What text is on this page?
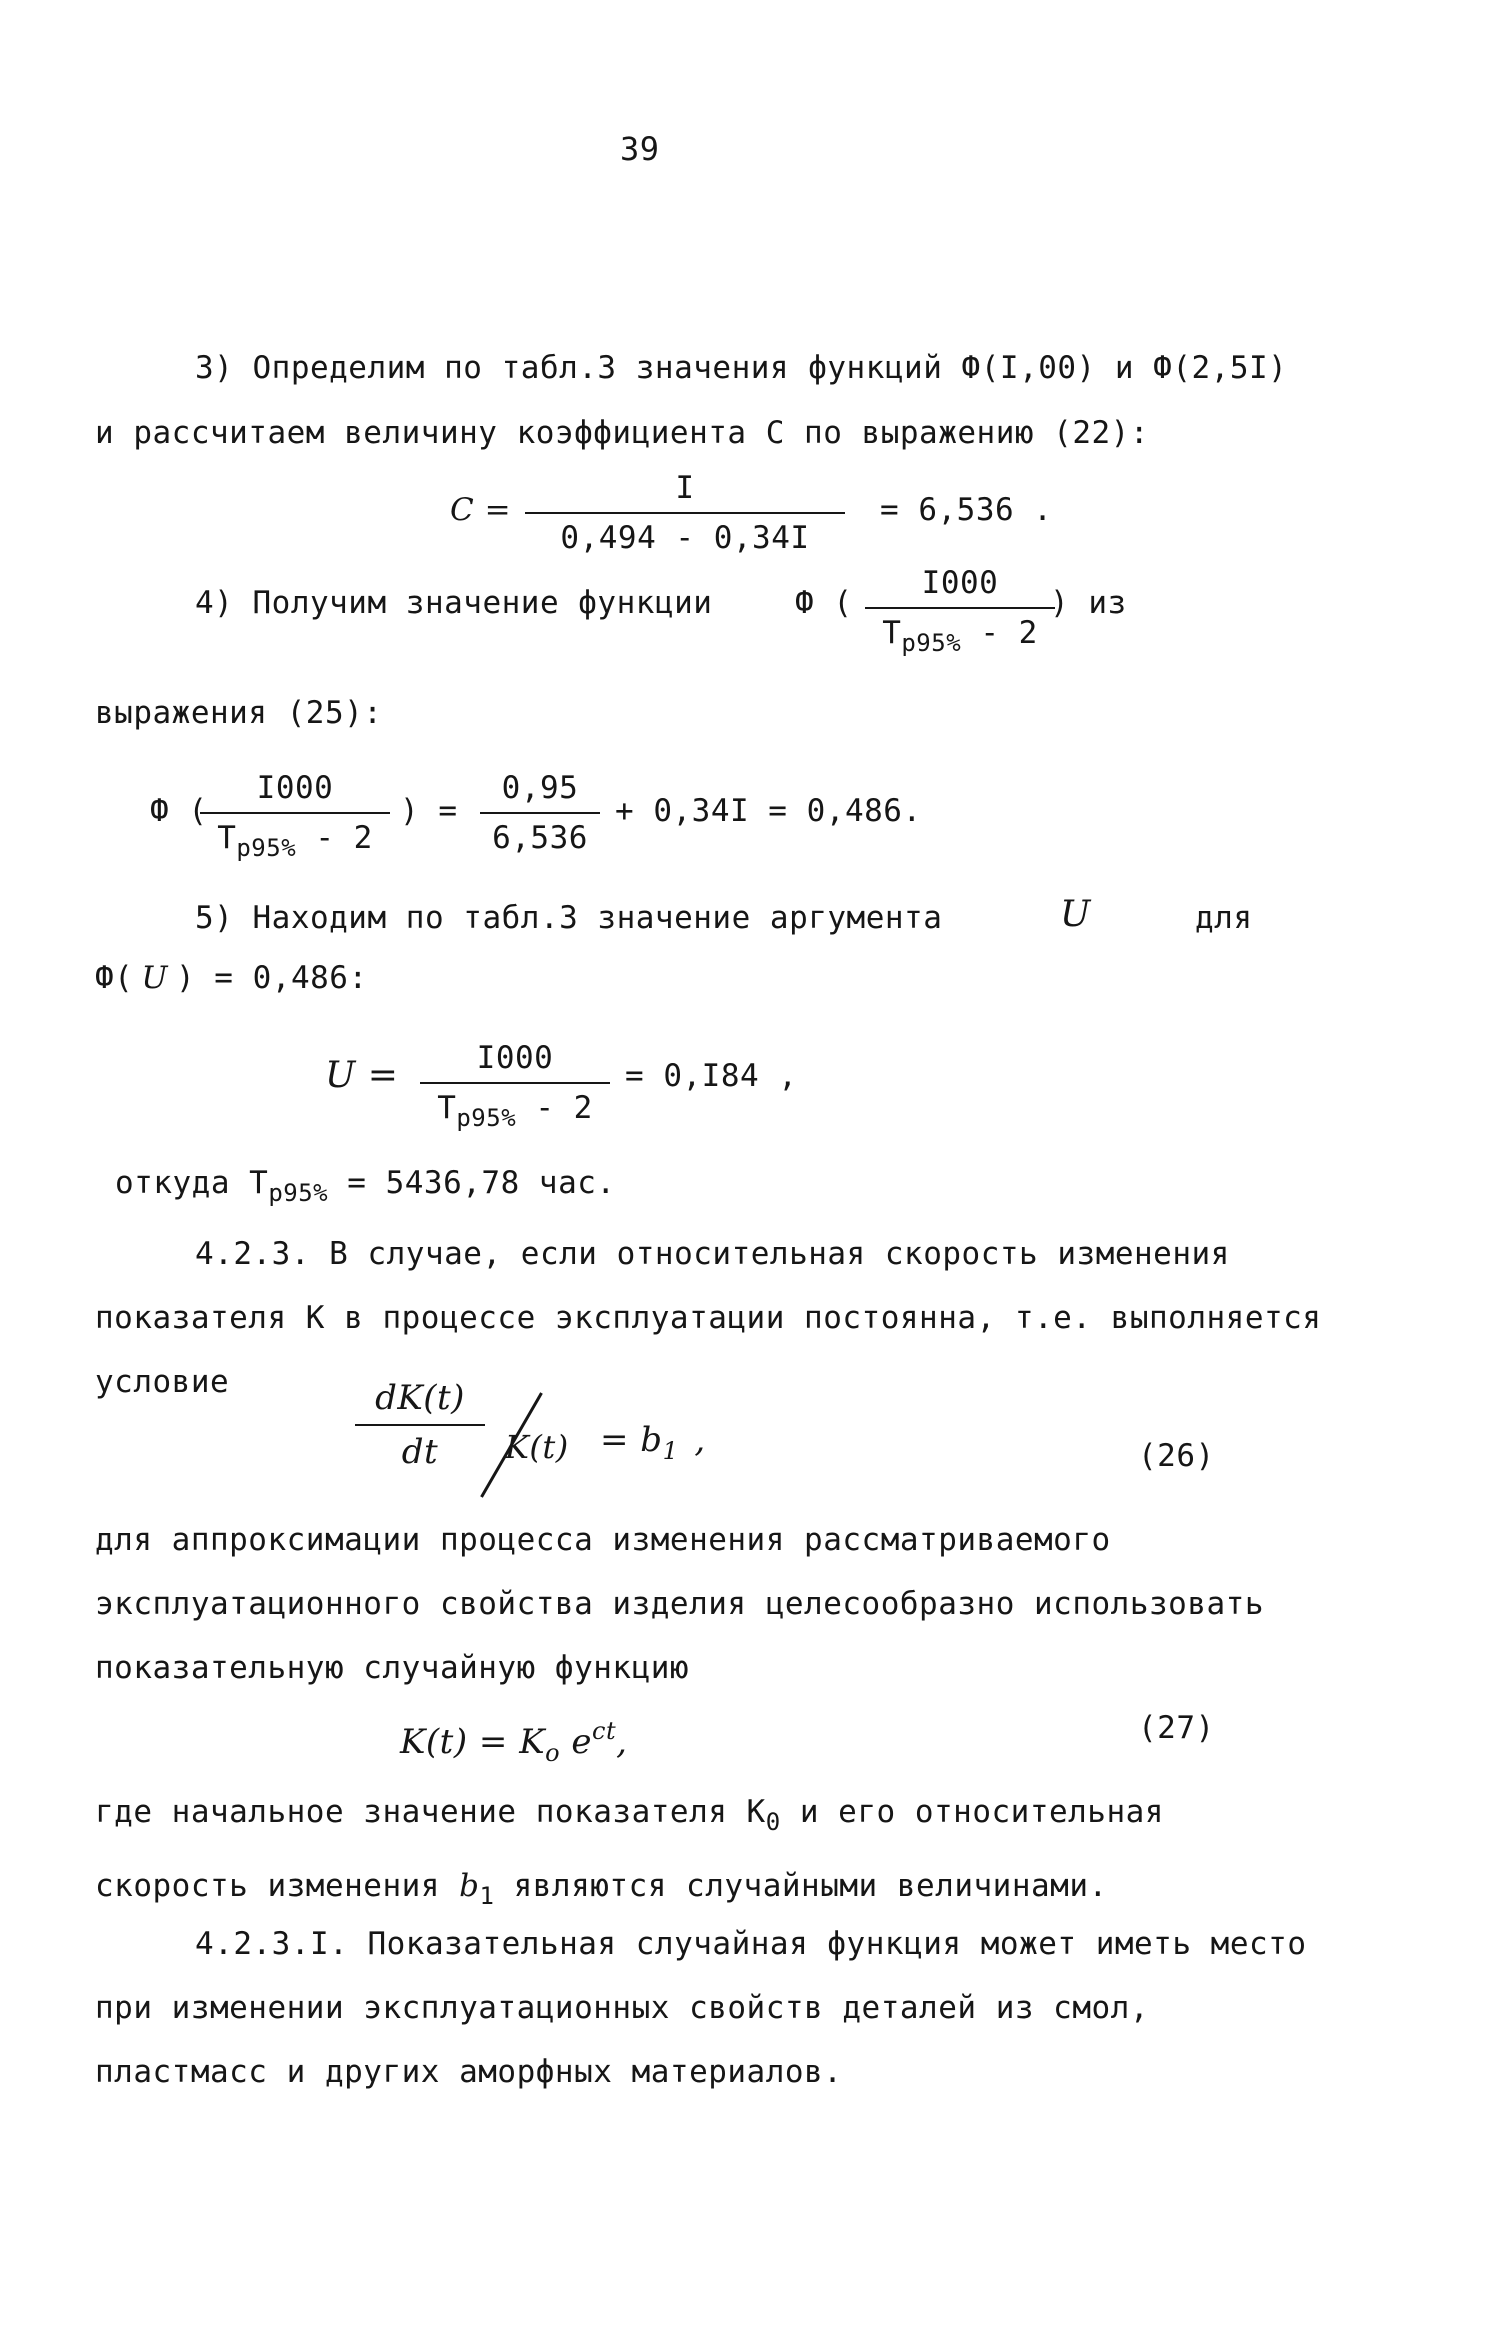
39
3) Определим по табл.3 значения функций Ф(I,00) и Ф(2,5I)
и рассчитаем величину коэффициента С по выражению (22):
$C = \frac{I}{0,494 - 0,34I} = 6,536$ .
4) Получим значение функции	Ф (
I000
$T_{р95\%} - 2$
) из
выражения (25):
Ф (
I000
$T_{р95\%} - 2$
) = $\frac{0,95}{6,536} + 0,34I = 0,486$.
5) Находим по табл.3 значение аргумента	U	для
Ф( U ) = 0,486:
U =	I000
$T_{р95\%} - 2$
= 0,I84 ,
откуда $T_{р95\%} = 5436,78$ час.
4.2.3. В случае, если относительная скорость изменения показателя К в процессе эксплуатации постоянна, т.е. выполняется условие	$\frac{dK(t)}{dt} K(t) = b_1$ ,	(26)
для аппроксимации процесса изменения рассматриваемого эксплуатационного свойства изделия целесообразно использовать показательную случайную функцию
$K(t) = K_o$ $e^{ct}$,	(27)
где начальное значение показателя $К_0$ и его относительная скорость изменения $b_1$ являются случайными величинами.
4.2.3.I. Показательная случайная функция может иметь место при изменении эксплуатационных свойств деталей из смол, пластмасс и других аморфных материалов.
